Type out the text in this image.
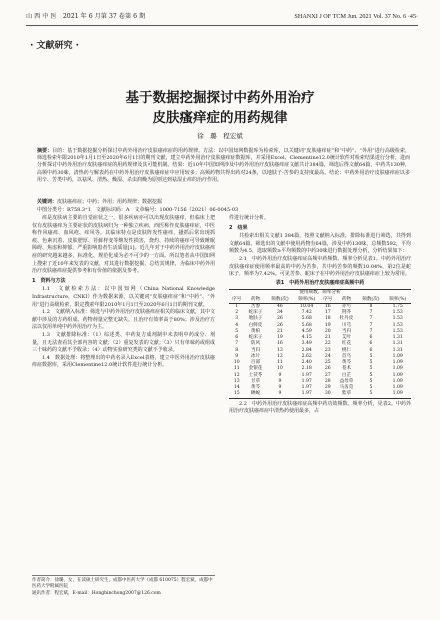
山 西 中 医　2021 年 6 月第 37 卷第 6 期	SHANXI J OF TCM Jun. 2021 Vol. 37 No. 6 ·45·
· 文献研究 ·
基于数据挖掘探讨中药外用治疗
皮肤瘙痒症的用药规律
徐　璐　程宏斌
摘要：目的：基于数据挖掘分析探讨中药外用治疗皮肤瘙痒症的用药规律。方法：以中国知网数据库为检索库，以关键词“皮肤瘙痒症”和“中药”、“外用”进行高级检索，筛选检索年限2010年1月1日至2020年6月1日的期刊文献，建立中药外用治疗皮肤瘙痒症数据库，并采用Excel、Clementine12.0统计软件对检索结果进行分析，进而分析探讨中药外用治疗皮肤瘙痒症的用药规律及其可能机制。结果：近10年中国知网涉及中药外用治疗皮肤瘙痒症文献共计384篇，筛选后得文献64篇，中药共130种，高频中药30味，清热药与解表药在中药外用治疗皮肤瘙痒症中应用较多；高频药物共得出药对24条，以地肤子-苦参的支持度最高。结论：中药外用治疗皮肤瘙痒症以多用辛、苦类中药，以祛风、清热、燥湿、杀虫润燥为原则达到祛湿止痒的治疗作用。
关键词：皮肤瘙痒症；中药；外用；用药规律；数据挖掘
中图分类号：R758.3⁺1　文献标识码：A　文章编号：1000-7156（2021）06-0045-03

痒是皮肤病主要的自觉症状之一，很多疾病亦可以出现皮肤瘙痒，但临床上把仅有皮肤瘙痒为主要症状的皮肤病归为一种独立疾病，西医称作皮肤瘙痒症，中医称作风瘙痒、血风疮、痒风等。其临床特点是皮肤阵发性瘙痒，搔抓后常出现抓痕、色素沉着、皮肤肥厚、苔藓样变等继发性损害，烧灼、持续的瘙痒可导致睡眠障碍、焦虑和抑郁，严重影响患者生活质量[1]。近几年对于中药外用治疗皮肤瘙痒症的研究越来越多，标准化、规范化成为必不可少的一方面。所以笔者从中国知网上搜索了近10年来发表的文献，对其进行数据挖掘，总结其规律，为临床中药外用治疗皮肤瘙痒症提供参考和有价值的依据及参考。

1　资料与方法

1.1　文献检索方法：以中国知网（China National Knowledge Infrastructure，CNKI）作为数据来源，以关键词“皮肤瘙痒症”和“中药”、“外用”进行高级检索，限定搜索年限2010年1月1日至2020年6月1日的期刊文献。

1.2　文献纳入标准：筛选与中药外用治疗皮肤瘙痒症相关的临床文献，其中文献中涉及的方药组成、药物剂量完整无缺失，且治疗有效率高于80%；涉及治疗方法以仅用单纯中药外用治疗为主。

1.3　文献排除标准：（1）综述类、中药复方成剂制中未表明中药成分、剂量，且无法查看其全部内容的文献；（2）重复发表的文献；（3）只有单味药或组成三十味药的文献不予收录；（4）动物实验研究类的文献不予收录。

1.4　数据处理：将整理出的中药名录入Excel表格，建立中医外用治疗皮肤瘙痒症数据库，采用Clementine12.0统计软件进行统计分析。

作者简介：徐璐，女，在读硕士研究生，成都中医药大学（成都 610075）程宏斌，成都中医药大学附属医院
通讯作者：程宏斌，E-mail：Honghinchong2007@126.com

件进行统计分析。

2　结果

共检索出相关文献1 384篇，按照文献纳入标准，排除标准进行筛选，共得到文献64篇。筛选出的文献中使用药物有64篇，涉及中药130味，总频数592，平均频数为4.5，选取频数≥平均频数的中药30味进行数据处理分析，分析结果如下：

2.1　中药外用治疗皮肤瘙痒症高频中药频数、频率分析见表1。中药外用治疗皮肤瘙痒症使用频率最高的中药为苦参，共中药苦参的频数10.04%，第2位是蛇床子，频率为7.42%。可见苦参、蛇床子在中药外用治疗皮肤瘙痒症上较为常用。

表1　中药外用治疗皮肤瘙痒症高频中药
使用频数、频率分析							
序号	药物	频数(次)	频率(%)	序号	药物	频数(次)	频率(%)
1	苦参	46	10.04	16	赤芍	8	1.75
2	蛇床子	34	7.42	17	荆芥	7	1.53
3	地肤子	26	5.68	18	牡丹皮	7	1.53
4	白鲜皮	26	5.68	19	川芎	7	1.53
5	黄柏	21	4.59	20	当归	7	1.53
6	蛇床子	19	4.15	21	艾叶	6	1.31
7	防风	16	3.49	22	红花	6	1.31
8	当归	13	2.84	23	桃仁	6	1.31
9	冰片	12	2.62	24	首乌	5	1.09
10	百部	11	2.40	25	黄芩	5	1.09
11	金银花	10	2.18	26	苍术	5	1.09
12	土茯苓	9	1.97	27	白芷	5	1.09
13	甘草	9	1.97	28	益母草	5	1.09
14	黄芩	9	1.97	29	马齿苋	5	1.09
15	蝉蜕	9	1.97	30	紫草	5	1.09

2.2　中药外用治疗皮肤瘙痒症高频中药功效频数、频率分析，见表2。中药外用治疗皮肤瘙痒症中清热药使用最多，占
